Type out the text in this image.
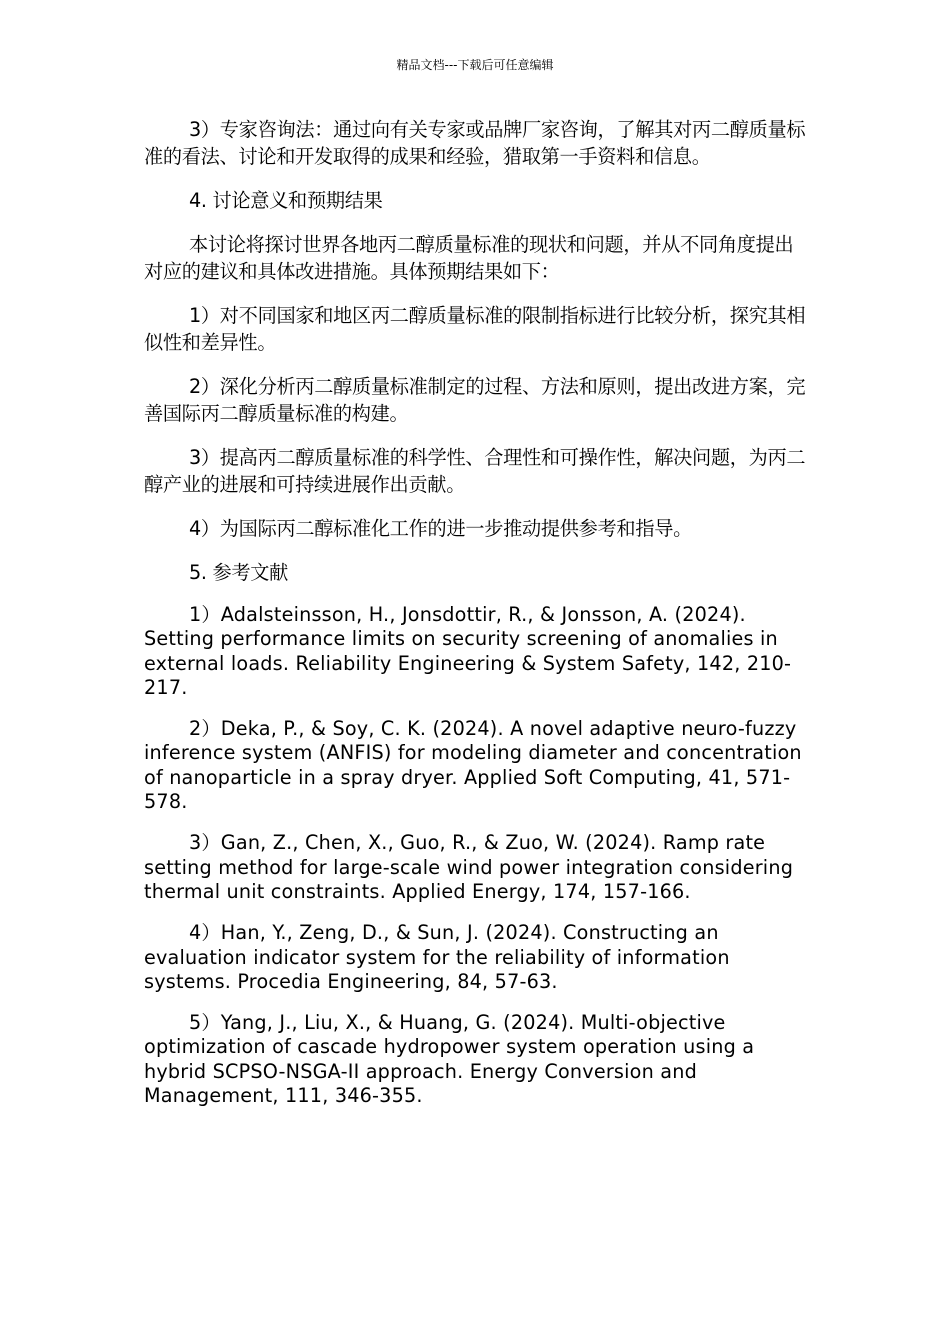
精品文档---下载后可任意编辑

3）专家咨询法：通过向有关专家或品牌厂家咨询，了解其对丙二醇质量标准的看法、讨论和开发取得的成果和经验，猎取第一手资料和信息。

4. 讨论意义和预期结果

本讨论将探讨世界各地丙二醇质量标准的现状和问题，并从不同角度提出对应的建议和具体改进措施。具体预期结果如下：

1）对不同国家和地区丙二醇质量标准的限制指标进行比较分析，探究其相似性和差异性。

2）深化分析丙二醇质量标准制定的过程、方法和原则，提出改进方案，完善国际丙二醇质量标准的构建。

3）提高丙二醇质量标准的科学性、合理性和可操作性，解决问题，为丙二醇产业的进展和可持续进展作出贡献。

4）为国际丙二醇标准化工作的进一步推动提供参考和指导。

5. 参考文献

1）Adalsteinsson, H., Jonsdottir, R., & Jonsson, A. (2024). Setting performance limits on security screening of anomalies in external loads. Reliability Engineering & System Safety, 142, 210-217.

2）Deka, P., & Soy, C. K. (2024). A novel adaptive neuro-fuzzy inference system (ANFIS) for modeling diameter and concentration of nanoparticle in a spray dryer. Applied Soft Computing, 41, 571-578.

3）Gan, Z., Chen, X., Guo, R., & Zuo, W. (2024). Ramp rate setting method for large-scale wind power integration considering thermal unit constraints. Applied Energy, 174, 157-166.

4）Han, Y., Zeng, D., & Sun, J. (2024). Constructing an evaluation indicator system for the reliability of information systems. Procedia Engineering, 84, 57-63.

5）Yang, J., Liu, X., & Huang, G. (2024). Multi-objective optimization of cascade hydropower system operation using a hybrid SCPSO-NSGA-II approach. Energy Conversion and Management, 111, 346-355.
